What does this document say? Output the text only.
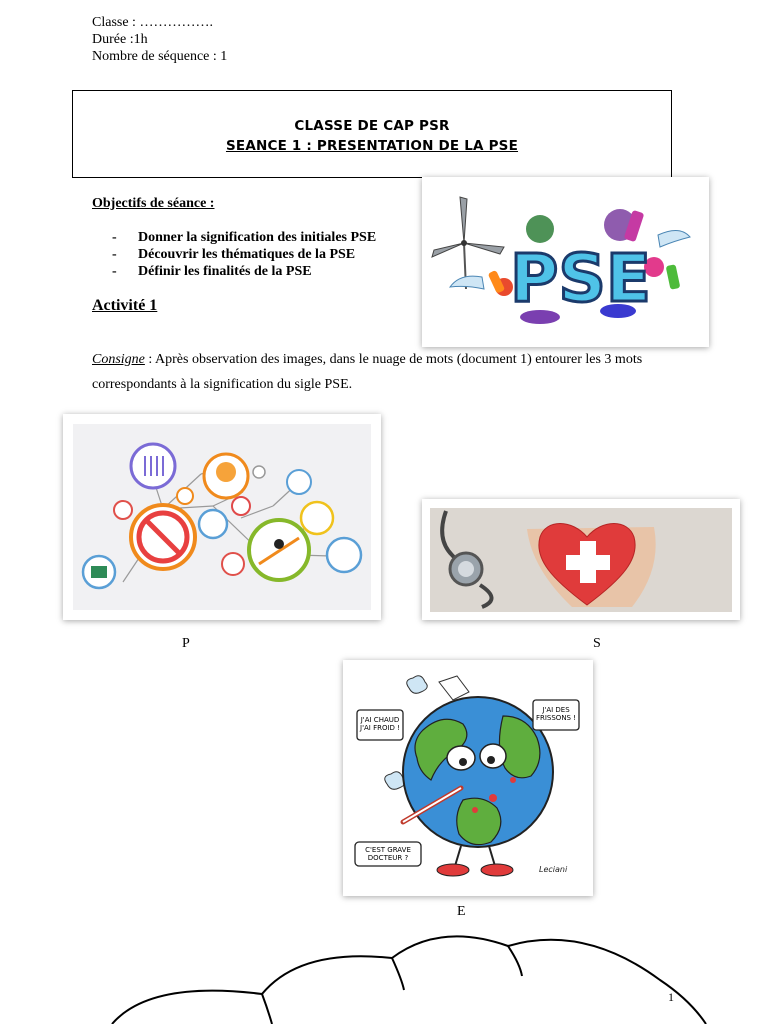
Classe : …………….
Durée :1h
Nombre de séquence : 1
CLASSE DE CAP PSR
SEANCE 1 : PRESENTATION DE LA PSE
PSE
Objectifs de séance :
- Donner la signification des initiales PSE
- Découvrir les thématiques de la PSE
- Définir les finalités de la PSE
Activité 1
Consigne : Après observation des images, dans le nuage de mots (document 1) entourer les 3 mots correspondants à la signification du sigle PSE.
P	S
J'AI CHAUD J'AI FROID !
J'AI DES FRISSONS !
C'EST GRAVE DOCTEUR ?
Leciani
E
1
